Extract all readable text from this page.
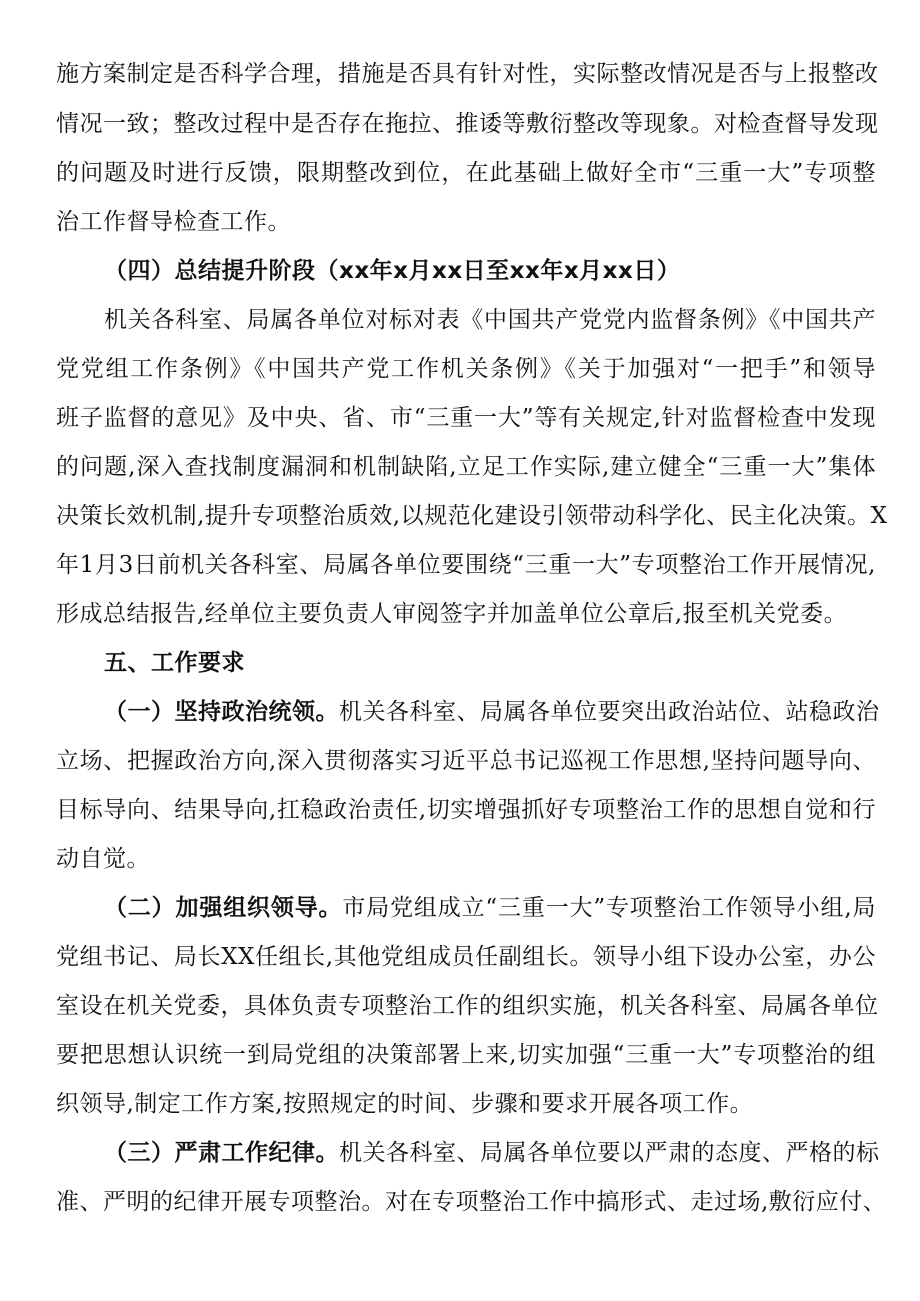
施方案制定是否科学合理，措施是否具有针对性，实际整改情况是否与上报整改
情况一致；整改过程中是否存在拖拉、推诿等敷衍整改等现象。对检查督导发现
的问题及时进行反馈，限期整改到位，在此基础上做好全市“三重一大”专项整
治工作督导检查工作。
（四）总结提升阶段（xx年x月xx日至xx年x月xx日）
机关各科室、局属各单位对标对表《中国共产党党内监督条例》《中国共产
党党组工作条例》《中国共产党工作机关条例》《关于加强对“一把手”和领导
班子监督的意见》及中央、省、市“三重一大”等有关规定,针对监督检查中发现
的问题,深入查找制度漏洞和机制缺陷,立足工作实际,建立健全“三重一大”集体
决策长效机制,提升专项整治质效,以规范化建设引领带动科学化、民主化决策。X
年1月3日前机关各科室、局属各单位要围绕“三重一大”专项整治工作开展情况,
形成总结报告,经单位主要负责人审阅签字并加盖单位公章后,报至机关党委。
五、工作要求
（一）坚持政治统领。机关各科室、局属各单位要突出政治站位、站稳政治
立场、把握政治方向,深入贯彻落实习近平总书记巡视工作思想,坚持问题导向、
目标导向、结果导向,扛稳政治责任,切实增强抓好专项整治工作的思想自觉和行
动自觉。
（二）加强组织领导。市局党组成立“三重一大”专项整治工作领导小组,局
党组书记、局长XX任组长,其他党组成员任副组长。领导小组下设办公室，办公
室设在机关党委，具体负责专项整治工作的组织实施，机关各科室、局属各单位
要把思想认识统一到局党组的决策部署上来,切实加强“三重一大”专项整治的组
织领导,制定工作方案,按照规定的时间、步骤和要求开展各项工作。
（三）严肃工作纪律。机关各科室、局属各单位要以严肃的态度、严格的标
准、严明的纪律开展专项整治。对在专项整治工作中搞形式、走过场,敷衍应付、
